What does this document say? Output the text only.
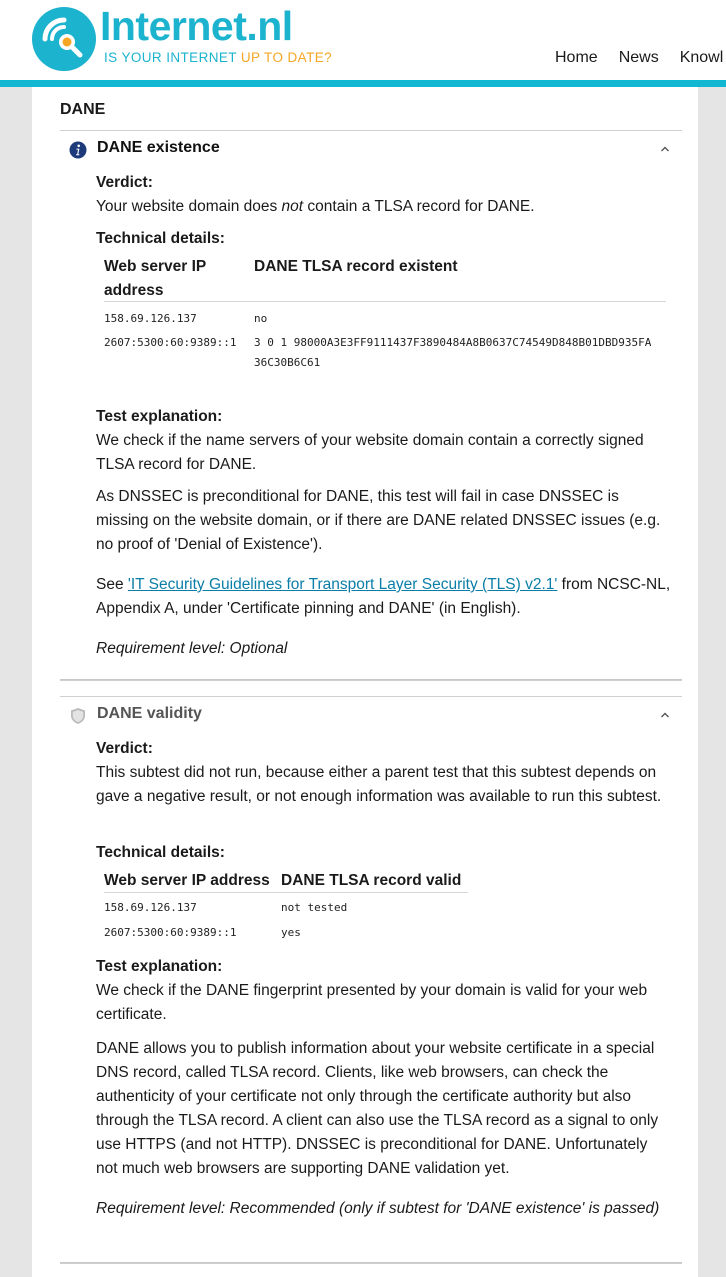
Internet.nl
IS YOUR INTERNET UP TO DATE?	Home News Knowl
DANE
DANE existence
Verdict:
Your website domain does not contain a TLSA record for DANE.
Technical details:
Web server IP address
DANE TLSA record existent
158.69.126.137	no
2607:5300:60:9389::1	3 0 1 98000A3E3FF9111437F3890484A8B0637C74549D848B01DBD935FA36C30B6C61
Test explanation:
We check if the name servers of your website domain contain a correctly signed TLSA record for DANE.
As DNSSEC is preconditional for DANE, this test will fail in case DNSSEC is missing on the website domain, or if there are DANE related DNSSEC issues (e.g. no proof of 'Denial of Existence').
See 'IT Security Guidelines for Transport Layer Security (TLS) v2.1' from NCSC-NL, Appendix A, under 'Certificate pinning and DANE' (in English).
Requirement level: Optional
DANE validity
Verdict:
This subtest did not run, because either a parent test that this subtest depends on gave a negative result, or not enough information was available to run this subtest.
Technical details:
Web server IP address DANE TLSA record valid
158.69.126.137	not tested
2607:5300:60:9389::1	yes
Test explanation:
We check if the DANE fingerprint presented by your domain is valid for your web certificate.
DANE allows you to publish information about your website certificate in a special DNS record, called TLSA record. Clients, like web browsers, can check the authenticity of your certificate not only through the certificate authority but also through the TLSA record. A client can also use the TLSA record as a signal to only use HTTPS (and not HTTP). DNSSEC is preconditional for DANE. Unfortunately not much web browsers are supporting DANE validation yet.
Requirement level: Recommended (only if subtest for 'DANE existence' is passed)
